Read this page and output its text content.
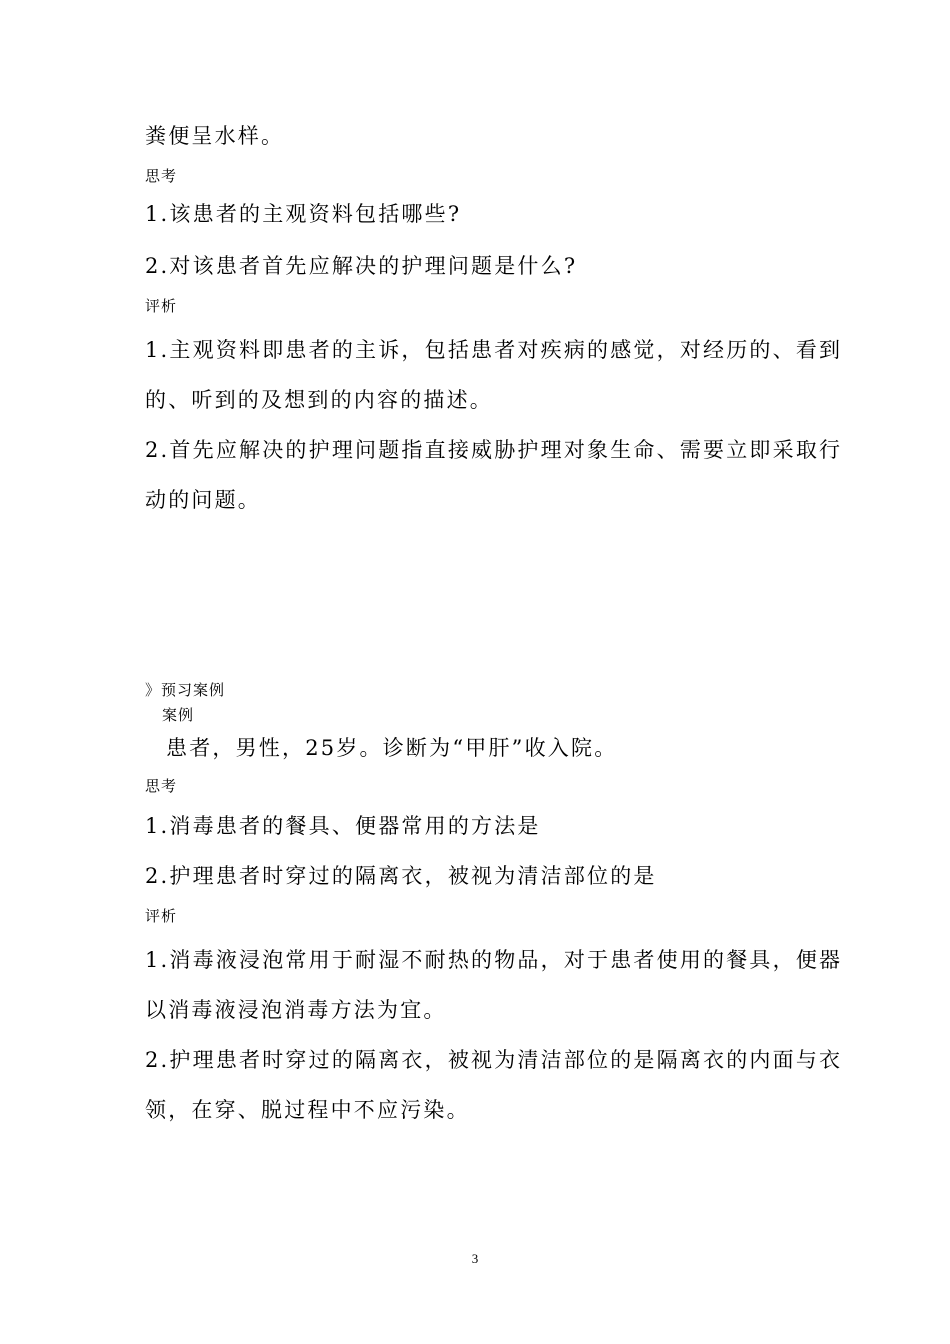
粪便呈水样。

思考

1.该患者的主观资料包括哪些?

2.对该患者首先应解决的护理问题是什么?

评析

1.主观资料即患者的主诉，包括患者对疾病的感觉，对经历的、看到

的、听到的及想到的内容的描述。

2.首先应解决的护理问题指直接威胁护理对象生命、需要立即采取行

动的问题。

》预习案例

案例

患者，男性，25岁。诊断为“甲肝”收入院。

思考

1.消毒患者的餐具、便器常用的方法是

2.护理患者时穿过的隔离衣，被视为清洁部位的是

评析

1.消毒液浸泡常用于耐湿不耐热的物品，对于患者使用的餐具，便器

以消毒液浸泡消毒方法为宜。

2.护理患者时穿过的隔离衣，被视为清洁部位的是隔离衣的内面与衣

领，在穿、脱过程中不应污染。

3
